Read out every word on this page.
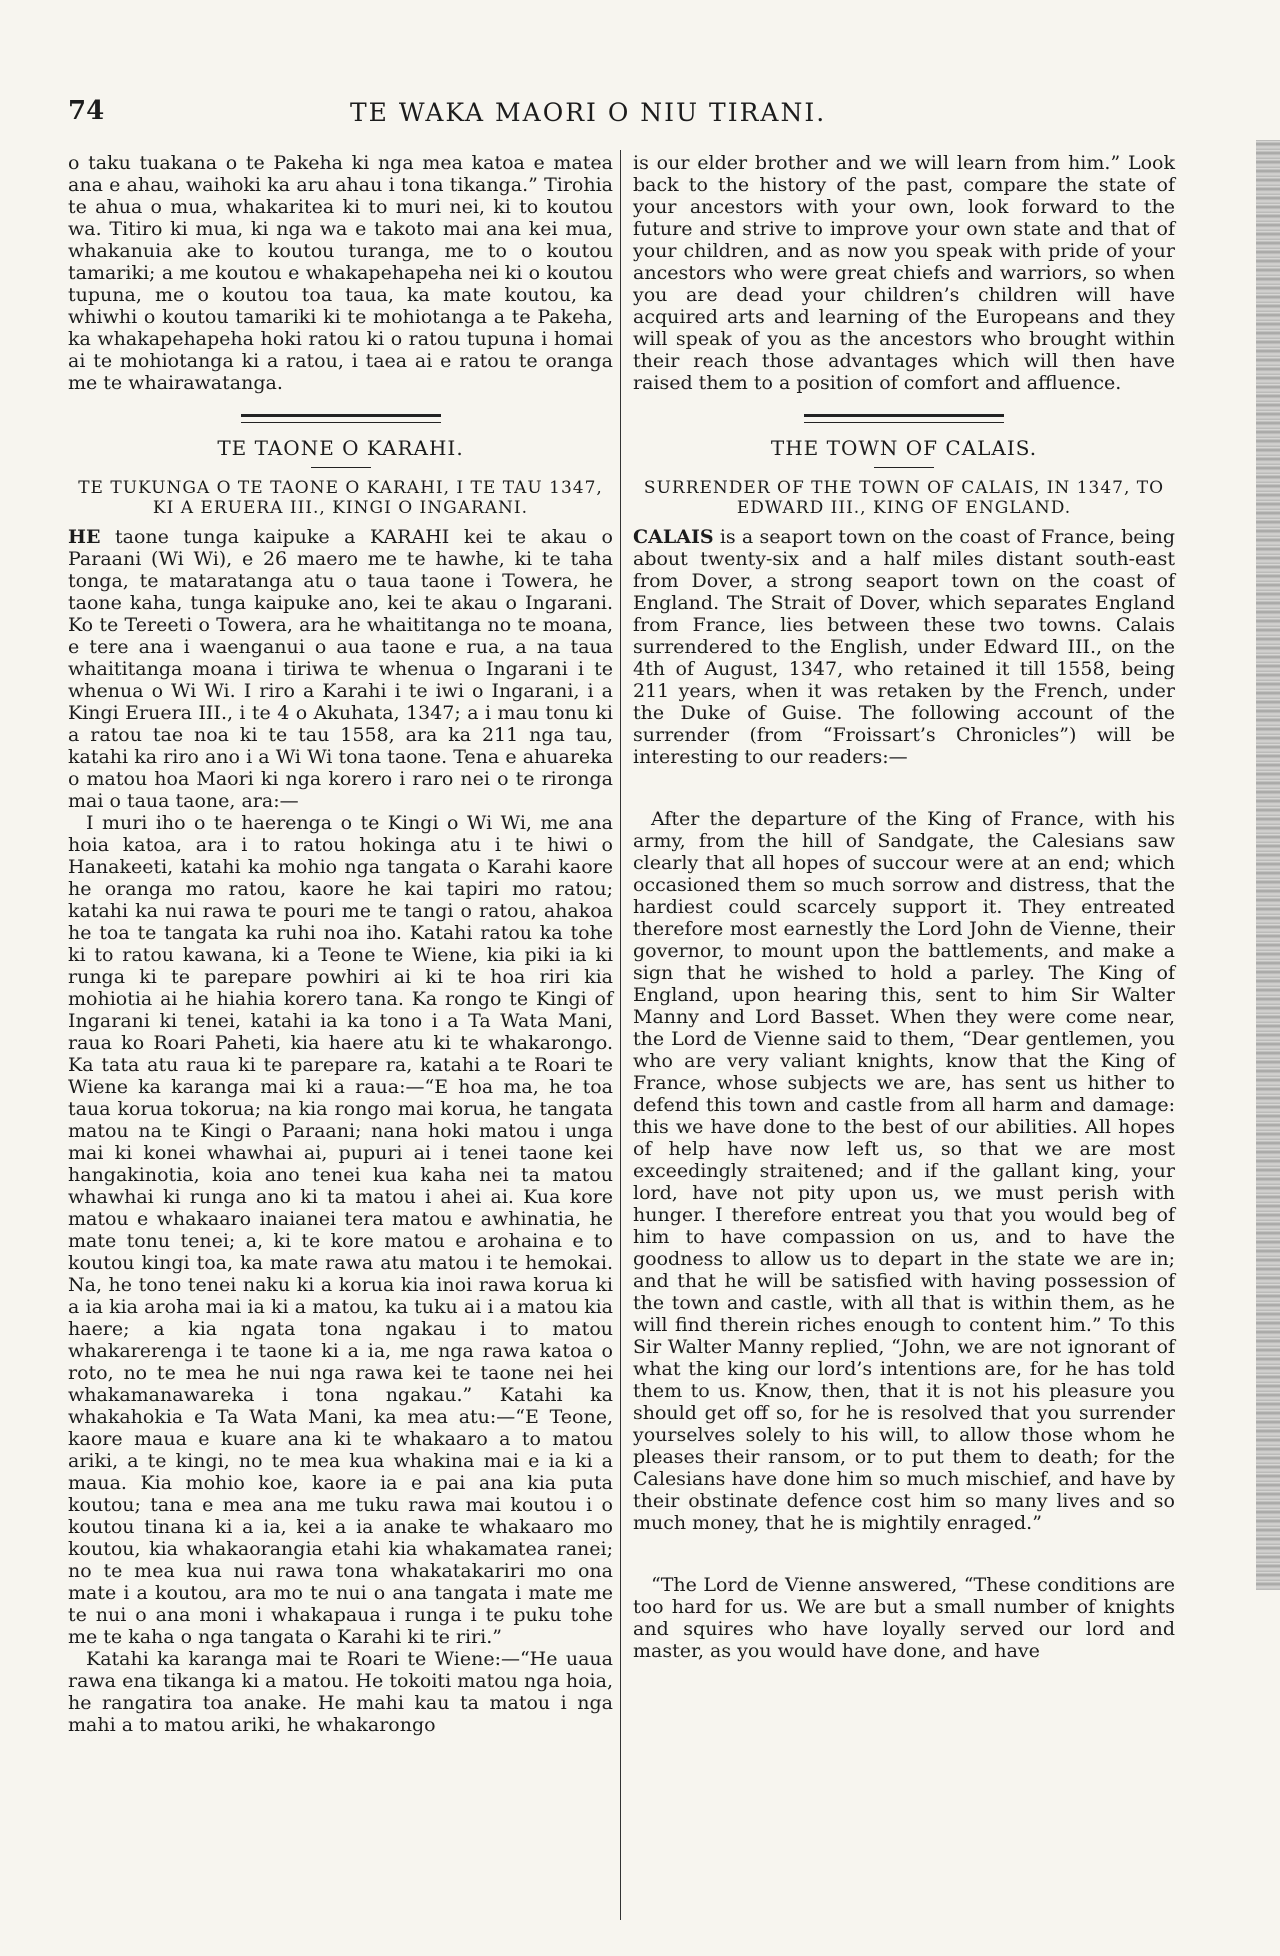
74	TE WAKA MAORI O NIU TIRANI.

o taku tuakana o te Pakeha ki nga mea katoa e matea ana e ahau, waihoki ka aru ahau i tona tikanga.” Tirohia te ahua o mua, whakaritea ki to muri nei, ki to koutou wa. Titiro ki mua, ki nga wa e takoto mai ana kei mua, whakanuia ake to koutou turanga, me to o koutou tamariki; a me koutou e whakapehapeha nei ki o koutou tupuna, me o koutou toa taua, ka mate koutou, ka whiwhi o koutou tamariki ki te mohiotanga a te Pakeha, ka whakapehapeha hoki ratou ki o ratou tupuna i homai ai te mohiotanga ki a ratou, i taea ai e ratou te oranga me te whairawatanga.

TE TAONE O KARAHI.
TE TUKUNGA O TE TAONE O KARAHI, I TE TAU 1347, KI A ERUERA III., KINGI O INGARANI.

HE taone tunga kaipuke a KARAHI kei te akau o Paraani (Wi Wi), e 26 maero me te hawhe, ki te taha tonga, te mataratanga atu o taua taone i Towera, he taone kaha, tunga kaipuke ano, kei te akau o Ingarani. Ko te Tereeti o Towera, ara he whaititanga no te moana, e tere ana i waenganui o aua taone e rua, a na taua whaititanga moana i tiriwa te whenua o Ingarani i te whenua o Wi Wi. I riro a Karahi i te iwi o Ingarani, i a Kingi Eruera III., i te 4 o Akuhata, 1347; a i mau tonu ki a ratou tae noa ki te tau 1558, ara ka 211 nga tau, katahi ka riro ano i a Wi Wi tona taone. Tena e ahuareka o matou hoa Maori ki nga korero i raro nei o te rironga mai o taua taone, ara:—

I muri iho o te haerenga o te Kingi o Wi Wi, me ana hoia katoa, ara i to ratou hokinga atu i te hiwi o Hanakeeti, katahi ka mohio nga tangata o Karahi kaore he oranga mo ratou, kaore he kai tapiri mo ratou; katahi ka nui rawa te pouri me te tangi o ratou, ahakoa he toa te tangata ka ruhi noa iho. Katahi ratou ka tohe ki to ratou kawana, ki a Teone te Wiene, kia piki ia ki runga ki te parepare powhiri ai ki te hoa riri kia mohiotia ai he hiahia korero tana. Ka rongo te Kingi of Ingarani ki tenei, katahi ia ka tono i a Ta Wata Mani, raua ko Roari Paheti, kia haere atu ki te whakarongo. Ka tata atu raua ki te parepare ra, katahi a te Roari te Wiene ka karanga mai ki a raua:—“E hoa ma, he toa taua korua tokorua; na kia rongo mai korua, he tangata matou na te Kingi o Paraani; nana hoki matou i unga mai ki konei whawhai ai, pupuri ai i tenei taone kei hangakinotia, koia ano tenei kua kaha nei ta matou whawhai ki runga ano ki ta matou i ahei ai. Kua kore matou e whakaaro inaianei tera matou e awhinatia, he mate tonu tenei; a, ki te kore matou e arohaina e to koutou kingi toa, ka mate rawa atu matou i te hemokai. Na, he tono tenei naku ki a korua kia inoi rawa korua ki a ia kia aroha mai ia ki a matou, ka tuku ai i a matou kia haere; a kia ngata tona ngakau i to matou whakarerenga i te taone ki a ia, me nga rawa katoa o roto, no te mea he nui nga rawa kei te taone nei hei whakamanawareka i tona ngakau.” Katahi ka whakahokia e Ta Wata Mani, ka mea atu:—“E Teone, kaore maua e kuare ana ki te whakaaro a to matou ariki, a te kingi, no te mea kua whakina mai e ia ki a maua. Kia mohio koe, kaore ia e pai ana kia puta koutou; tana e mea ana me tuku rawa mai koutou i o koutou tinana ki a ia, kei a ia anake te whakaaro mo koutou, kia whakaorangia etahi kia whakamatea ranei; no te mea kua nui rawa tona whakatakariri mo ona mate i a koutou, ara mo te nui o ana tangata i mate me te nui o ana moni i whakapaua i runga i te puku tohe me te kaha o nga tangata o Karahi ki te riri.”

Katahi ka karanga mai te Roari te Wiene:—“He uaua rawa ena tikanga ki a matou. He tokoiti matou nga hoia, he rangatira toa anake. He mahi kau ta matou i nga mahi a to matou ariki, he whakarongo

is our elder brother and we will learn from him.” Look back to the history of the past, compare the state of your ancestors with your own, look forward to the future and strive to improve your own state and that of your children, and as now you speak with pride of your ancestors who were great chiefs and warriors, so when you are dead your children’s children will have acquired arts and learning of the Europeans and they will speak of you as the ancestors who brought within their reach those advantages which will then have raised them to a position of comfort and affluence.

THE TOWN OF CALAIS.
SURRENDER OF THE TOWN OF CALAIS, IN 1347, TO EDWARD III., KING OF ENGLAND.

CALAIS is a seaport town on the coast of France, being about twenty-six and a half miles distant south-east from Dover, a strong seaport town on the coast of England. The Strait of Dover, which separates England from France, lies between these two towns. Calais surrendered to the English, under Edward III., on the 4th of August, 1347, who retained it till 1558, being 211 years, when it was retaken by the French, under the Duke of Guise. The following account of the surrender (from “Froissart’s Chronicles”) will be interesting to our readers:—

After the departure of the King of France, with his army, from the hill of Sandgate, the Calesians saw clearly that all hopes of succour were at an end; which occasioned them so much sorrow and distress, that the hardiest could scarcely support it. They entreated therefore most earnestly the Lord John de Vienne, their governor, to mount upon the battlements, and make a sign that he wished to hold a parley. The King of England, upon hearing this, sent to him Sir Walter Manny and Lord Basset. When they were come near, the Lord de Vienne said to them, “Dear gentlemen, you who are very valiant knights, know that the King of France, whose subjects we are, has sent us hither to defend this town and castle from all harm and damage: this we have done to the best of our abilities. All hopes of help have now left us, so that we are most exceedingly straitened; and if the gallant king, your lord, have not pity upon us, we must perish with hunger. I therefore entreat you that you would beg of him to have compassion on us, and to have the goodness to allow us to depart in the state we are in; and that he will be satisfied with having possession of the town and castle, with all that is within them, as he will find therein riches enough to content him.” To this Sir Walter Manny replied, “John, we are not ignorant of what the king our lord’s intentions are, for he has told them to us. Know, then, that it is not his pleasure you should get off so, for he is resolved that you surrender yourselves solely to his will, to allow those whom he pleases their ransom, or to put them to death; for the Calesians have done him so much mischief, and have by their obstinate defence cost him so many lives and so much money, that he is mightily enraged.”

“The Lord de Vienne answered, “These conditions are too hard for us. We are but a small number of knights and squires who have loyally served our lord and master, as you would have done, and have
